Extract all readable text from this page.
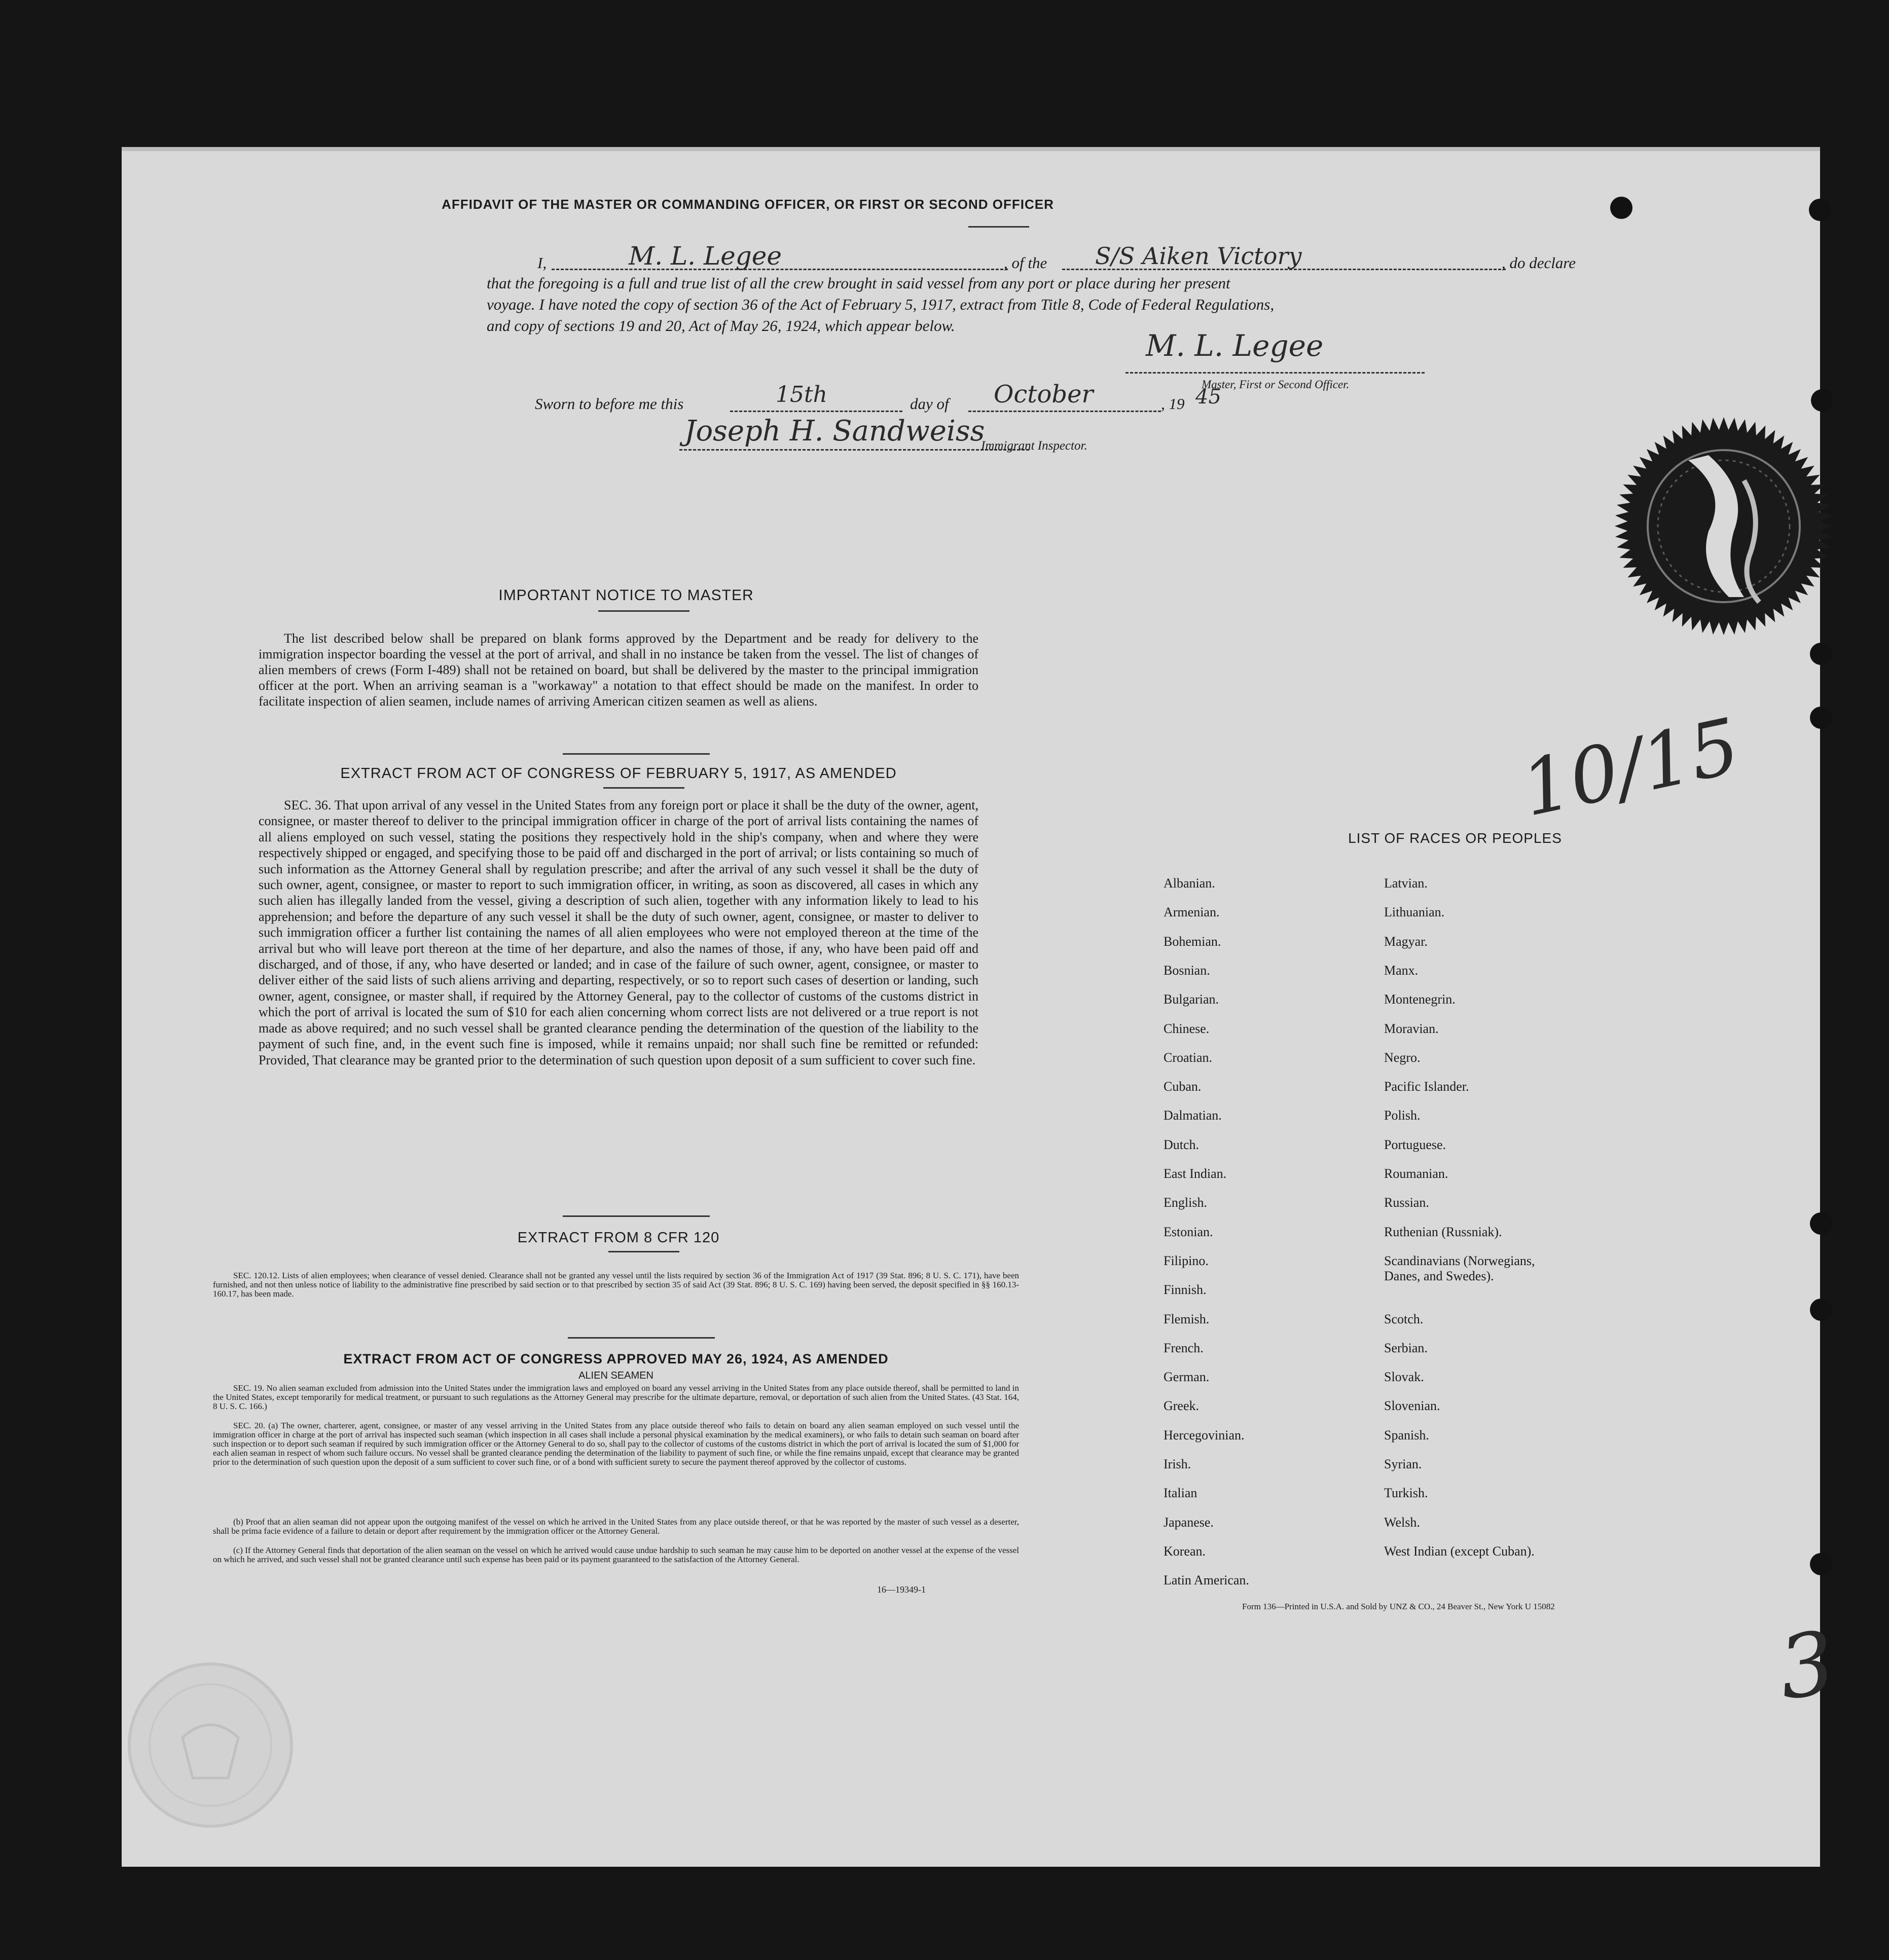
AFFIDAVIT OF THE MASTER OR COMMANDING OFFICER, OR FIRST OR SECOND OFFICER
I,	M. L. Legee	, of the S/S Aiken Victory	, do declare
that the foregoing is a full and true list of all the crew brought in said vessel from any port or place during her present
voyage. I have noted the copy of section 36 of the Act of February 5, 1917, extract from Title 8, Code of Federal Regulations,
and copy of sections 19 and 20, Act of May 26, 1924, which appear below.
M. L. Legee
Master, First or Second Officer.
Sworn to before me this	15th	day of October	, 19 45
Joseph H. Sandweiss
Immigrant Inspector.
IMPORTANT NOTICE TO MASTER
The list described below shall be prepared on blank forms approved by the Department and be ready for delivery to the immigration inspector boarding the vessel at the port of arrival, and shall in no instance be taken from the vessel. The list of changes of alien members of crews (Form I-489) shall not be retained on board, but shall be delivered by the master to the principal immigration officer at the port. When an arriving seaman is a "workaway" a notation to that effect should be made on the manifest. In order to facilitate inspection of alien seamen, include names of arriving American citizen seamen as well as aliens.
EXTRACT FROM ACT OF CONGRESS OF FEBRUARY 5, 1917, AS AMENDED
SEC. 36. That upon arrival of any vessel in the United States from any foreign port or place it shall be the duty of the owner, agent, consignee, or master thereof to deliver to the principal immigration officer in charge of the port of arrival lists containing the names of all aliens employed on such vessel, stating the positions they respectively hold in the ship's company, when and where they were respectively shipped or engaged, and specifying those to be paid off and discharged in the port of arrival; or lists containing so much of such information as the Attorney General shall by regulation prescribe; and after the arrival of any such vessel it shall be the duty of such owner, agent, consignee, or master to report to such immigration officer, in writing, as soon as discovered, all cases in which any such alien has illegally landed from the vessel, giving a description of such alien, together with any information likely to lead to his apprehension; and before the departure of any such vessel it shall be the duty of such owner, agent, consignee, or master to deliver to such immigration officer a further list containing the names of all alien employees who were not employed thereon at the time of the arrival but who will leave port thereon at the time of her departure, and also the names of those, if any, who have been paid off and discharged, and of those, if any, who have deserted or landed; and in case of the failure of such owner, agent, consignee, or master to deliver either of the said lists of such aliens arriving and departing, respectively, or so to report such cases of desertion or landing, such owner, agent, consignee, or master shall, if required by the Attorney General, pay to the collector of customs of the customs district in which the port of arrival is located the sum of $10 for each alien concerning whom correct lists are not delivered or a true report is not made as above required; and no such vessel shall be granted clearance pending the determination of the question of the liability to the payment of such fine, and, in the event such fine is imposed, while it remains unpaid; nor shall such fine be remitted or refunded: Provided, That clearance may be granted prior to the determination of such question upon deposit of a sum sufficient to cover such fine.
EXTRACT FROM 8 CFR 120
SEC. 120.12. Lists of alien employees; when clearance of vessel denied. Clearance shall not be granted any vessel until the lists required by section 36 of the Immigration Act of 1917 (39 Stat. 896; 8 U. S. C. 171), have been furnished, and not then unless notice of liability to the administrative fine prescribed by said section or to that prescribed by section 35 of said Act (39 Stat. 896; 8 U. S. C. 169) having been served, the deposit specified in §§ 160.13-160.17, has been made.
EXTRACT FROM ACT OF CONGRESS APPROVED MAY 26, 1924, AS AMENDED
ALIEN SEAMEN
SEC. 19. No alien seaman excluded from admission into the United States under the immigration laws and employed on board any vessel arriving in the United States from any place outside thereof, shall be permitted to land in the United States, except temporarily for medical treatment, or pursuant to such regulations as the Attorney General may prescribe for the ultimate departure, removal, or deportation of such alien from the United States. (43 Stat. 164, 8 U. S. C. 166.)
SEC. 20. (a) The owner, charterer, agent, consignee, or master of any vessel arriving in the United States from any place outside thereof who fails to detain on board any alien seaman employed on such vessel until the immigration officer in charge at the port of arrival has inspected such seaman (which inspection in all cases shall include a personal physical examination by the medical examiners), or who fails to detain such seaman on board after such inspection or to deport such seaman if required by such immigration officer or the Attorney General to do so, shall pay to the collector of customs of the customs district in which the port of arrival is located the sum of $1,000 for each alien seaman in respect of whom such failure occurs. No vessel shall be granted clearance pending the determination of the liability to payment of such fine, or while the fine remains unpaid, except that clearance may be granted prior to the determination of such question upon the deposit of a sum sufficient to cover such fine, or of a bond with sufficient surety to secure the payment thereof approved by the collector of customs.
(b) Proof that an alien seaman did not appear upon the outgoing manifest of the vessel on which he arrived in the United States from any place outside thereof, or that he was reported by the master of such vessel as a deserter, shall be prima facie evidence of a failure to detain or deport after requirement by the immigration officer or the Attorney General.
(c) If the Attorney General finds that deportation of the alien seaman on the vessel on which he arrived would cause undue hardship to such seaman he may cause him to be deported on another vessel at the expense of the vessel on which he arrived, and such vessel shall not be granted clearance until such expense has been paid or its payment guaranteed to the satisfaction of the Attorney General.
16—19349-1
10/15
3
LIST OF RACES OR PEOPLES
Form 136—Printed in U.S.A. and Sold by UNZ & CO., 24 Beaver St., New York U 15082
Albanian.
Armenian.
Bohemian.
Bosnian.
Bulgarian.
Chinese.
Croatian.
Cuban.
Dalmatian.
Dutch.
East Indian.
English.
Estonian.
Filipino.
Finnish.
Flemish.
French.
German.
Greek.
Hercegovinian.
Irish.
Italian
Japanese.
Korean.
Latin American.
Latvian.
Lithuanian.
Magyar.
Manx.
Montenegrin.
Moravian.
Negro.
Pacific Islander.
Polish.
Portuguese.
Roumanian.
Russian.
Ruthenian (Russniak).
Scandinavians (Norwegians,
Danes, and Swedes).
Scotch.
Serbian.
Slovak.
Slovenian.
Spanish.
Syrian.
Turkish.
Welsh.
West Indian (except Cuban).
